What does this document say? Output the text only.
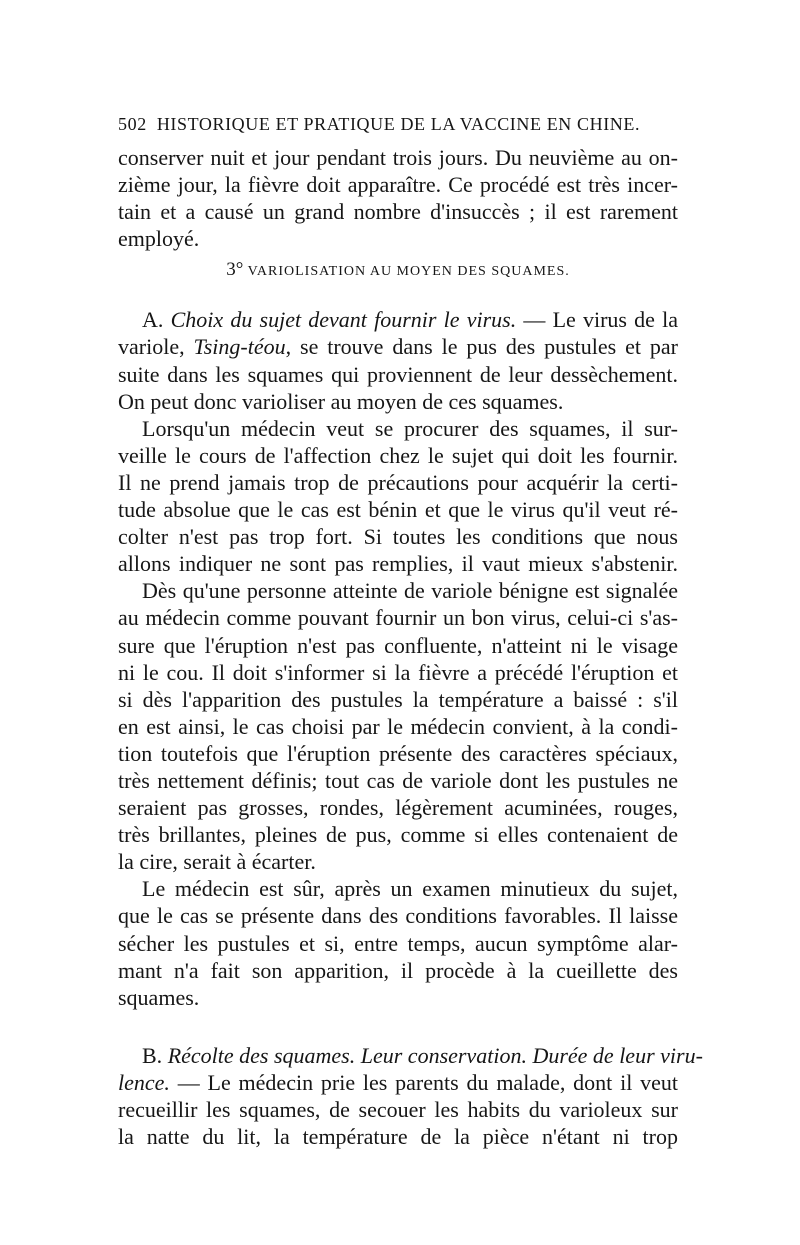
502 HISTORIQUE ET PRATIQUE DE LA VACCINE EN CHINE.
conserver nuit et jour pendant trois jours. Du neuvième au on-
zième jour, la fièvre doit apparaître. Ce procédé est très incer-
tain et a causé un grand nombre d'insuccès ; il est rarement
employé.
3° VARIOLISATION AU MOYEN DES SQUAMES.
A. Choix du sujet devant fournir le virus. — Le virus de la
variole, Tsing-téou, se trouve dans le pus des pustules et par
suite dans les squames qui proviennent de leur dessèchement.
On peut donc varioliser au moyen de ces squames.
Lorsqu'un médecin veut se procurer des squames, il sur-
veille le cours de l'affection chez le sujet qui doit les fournir.
Il ne prend jamais trop de précautions pour acquérir la certi-
tude absolue que le cas est bénin et que le virus qu'il veut ré-
colter n'est pas trop fort. Si toutes les conditions que nous
allons indiquer ne sont pas remplies, il vaut mieux s'abstenir.
Dès qu'une personne atteinte de variole bénigne est signalée
au médecin comme pouvant fournir un bon virus, celui-ci s'as-
sure que l'éruption n'est pas confluente, n'atteint ni le visage
ni le cou. Il doit s'informer si la fièvre a précédé l'éruption et
si dès l'apparition des pustules la température a baissé : s'il
en est ainsi, le cas choisi par le médecin convient, à la condi-
tion toutefois que l'éruption présente des caractères spéciaux,
très nettement définis; tout cas de variole dont les pustules ne
seraient pas grosses, rondes, légèrement acuminées, rouges,
très brillantes, pleines de pus, comme si elles contenaient de
la cire, serait à écarter.
Le médecin est sûr, après un examen minutieux du sujet,
que le cas se présente dans des conditions favorables. Il laisse
sécher les pustules et si, entre temps, aucun symptôme alar-
mant n'a fait son apparition, il procède à la cueillette des
squames.
B. Récolte des squames. Leur conservation. Durée de leur viru-
lence. — Le médecin prie les parents du malade, dont il veut
recueillir les squames, de secouer les habits du varioleux sur
la natte du lit, la température de la pièce n'étant ni trop
